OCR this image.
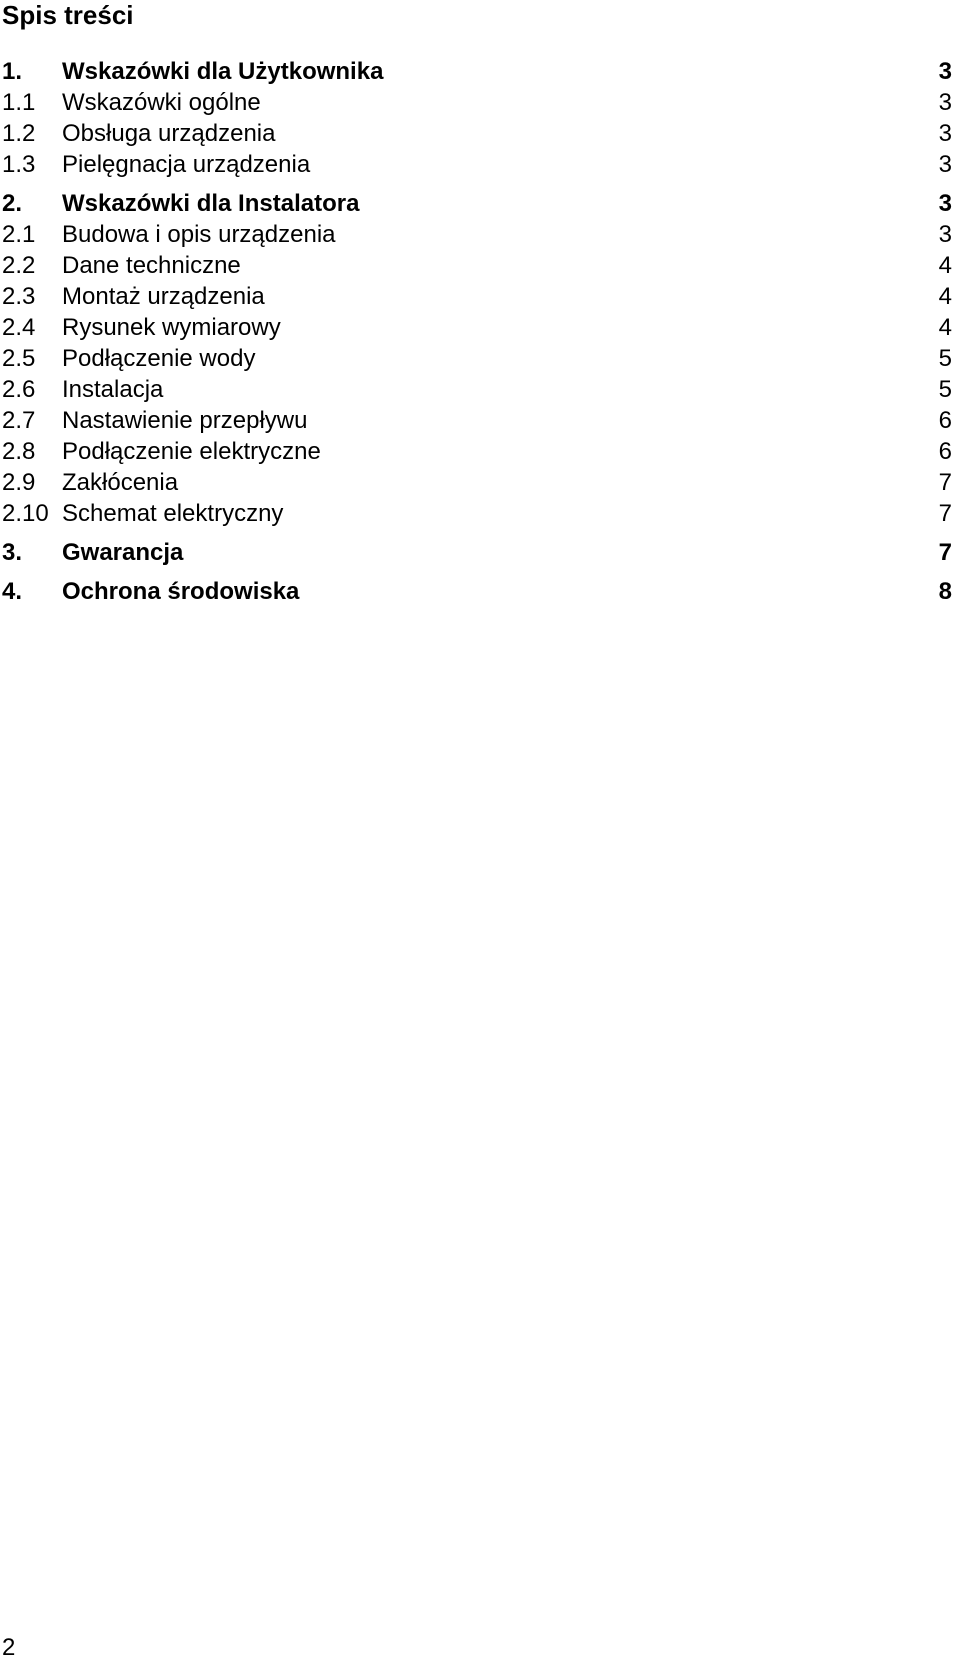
Spis treści
1. Wskazówki dla Użytkownika	3
1.1 Wskazówki ogólne	3
1.2 Obsługa urządzenia	3
1.3 Pielęgnacja urządzenia	3
2. Wskazówki dla Instalatora	3
2.1 Budowa i opis urządzenia	3
2.2 Dane techniczne	4
2.3 Montaż urządzenia	4
2.4 Rysunek wymiarowy	4
2.5 Podłączenie wody	5
2.6 Instalacja	5
2.7 Nastawienie przepływu	6
2.8 Podłączenie elektryczne	6
2.9 Zakłócenia	7
2.10 Schemat elektryczny	7
3. Gwarancja	7
4. Ochrona środowiska	8
2
